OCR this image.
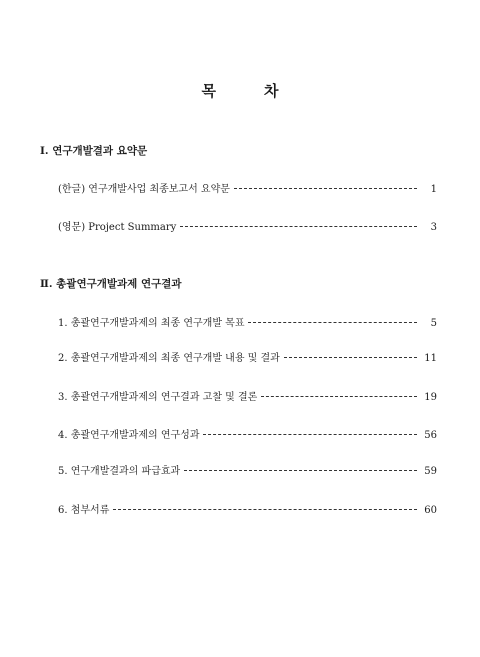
목	차
Ⅰ. 연구개발결과 요약문
(한글) 연구개발사업 최종보고서 요약문	1
(영문) Project Summary	3
Ⅱ. 총괄연구개발과제 연구결과
1. 총괄연구개발과제의 최종 연구개발 목표	5
2. 총괄연구개발과제의 최종 연구개발 내용 및 결과	11
3. 총괄연구개발과제의 연구결과 고찰 및 결론	19
4. 총괄연구개발과제의 연구성과	56
5. 연구개발결과의 파급효과	59
6. 첨부서류	60
